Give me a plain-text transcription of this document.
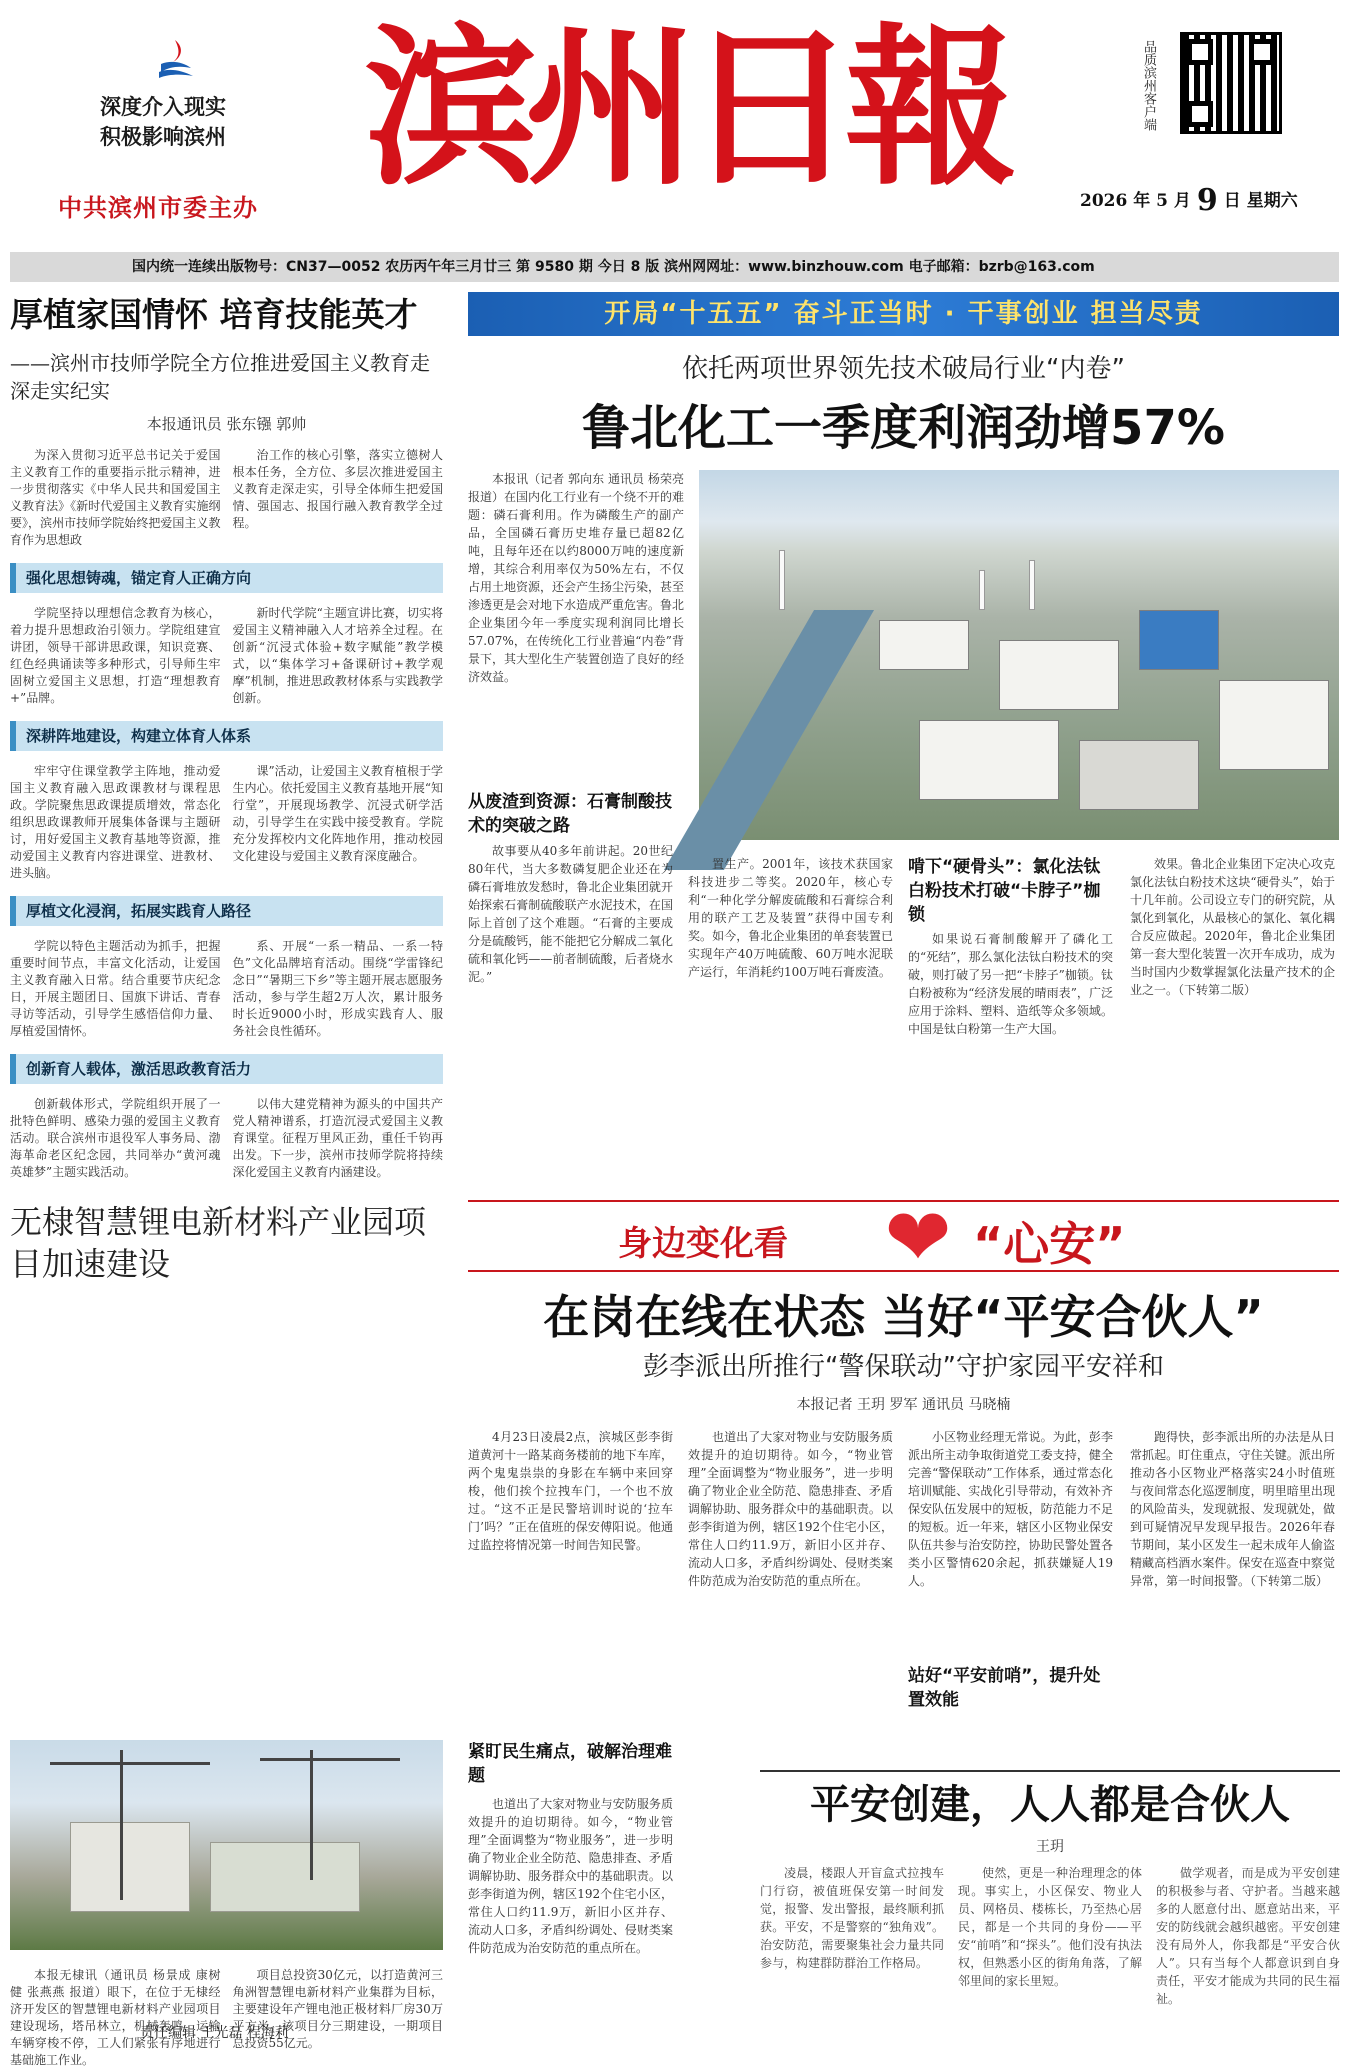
深度介入现实
积极影响滨州
中共滨州市委主办 滨州日報	品质滨州客户端
2026 年 5 月 9 日 星期六
国内统一连续出版物号：CN37—0052 农历丙午年三月廿三 第 9580 期 今日 8 版 滨州网网址：www.binzhouw.com 电子邮箱：bzrb@163.com
厚植家国情怀 培育技能英才
——滨州市技师学院全方位推进爱国主义教育走深走实纪实
本报通讯员 张东镪 郭帅

为深入贯彻习近平总书记关于爱国主义教育工作的重要指示批示精神，进一步贯彻落实《中华人民共和国爱国主义教育法》《新时代爱国主义教育实施纲要》，滨州市技师学院始终把爱国主义教育作为思想政

治工作的核心引擎，落实立德树人根本任务，全方位、多层次推进爱国主义教育走深走实，引导全体师生把爱国情、强国志、报国行融入教育教学全过程。

强化思想铸魂，锚定育人正确方向

学院坚持以理想信念教育为核心，着力提升思想政治引领力。学院组建宣讲团，领导干部讲思政课，知识竞赛、红色经典诵读等多种形式，引导师生牢固树立爱国主义思想，打造“理想教育+”品牌。

新时代学院“主题宣讲比赛，切实将爱国主义精神融入人才培养全过程。在创新“沉浸式体验+数字赋能”教学模式，以“集体学习+备课研讨+教学观摩”机制，推进思政教材体系与实践教学创新。

深耕阵地建设，构建立体育人体系

牢牢守住课堂教学主阵地，推动爱国主义教育融入思政课教材与课程思政。学院聚焦思政课提质增效，常态化组织思政课教师开展集体备课与主题研讨，用好爱国主义教育基地等资源，推动爱国主义教育内容进课堂、进教材、进头脑。

课”活动，让爱国主义教育植根于学生内心。依托爱国主义教育基地开展“知行堂”，开展现场教学、沉浸式研学活动，引导学生在实践中接受教育。学院充分发挥校内文化阵地作用，推动校园文化建设与爱国主义教育深度融合。

厚植文化浸润，拓展实践育人路径

学院以特色主题活动为抓手，把握重要时间节点，丰富文化活动，让爱国主义教育融入日常。结合重要节庆纪念日，开展主题团日、国旗下讲话、青春寻访等活动，引导学生感悟信仰力量、厚植爱国情怀。

系、开展“一系一精品、一系一特色”文化品牌培育活动。围绕“学雷锋纪念日”“暑期三下乡”等主题开展志愿服务活动，参与学生超2万人次，累计服务时长近9000小时，形成实践育人、服务社会良性循环。

创新育人载体，激活思政教育活力

创新载体形式，学院组织开展了一批特色鲜明、感染力强的爱国主义教育活动。联合滨州市退役军人事务局、渤海革命老区纪念园，共同举办“黄河魂 英雄梦”主题实践活动。

以伟大建党精神为源头的中国共产党人精神谱系，打造沉浸式爱国主义教育课堂。征程万里风正劲，重任千钧再出发。下一步，滨州市技师学院将持续深化爱国主义教育内涵建设。

无棣智慧锂电新材料产业园项目加速建设

本报无棣讯（通讯员 杨景成 康树健 张燕燕 报道）眼下，在位于无棣经济开发区的智慧锂电新材料产业园项目建设现场，塔吊林立，机械轰鸣，运输车辆穿梭不停，工人们紧张有序地进行基础施工作业。

项目总投资30亿元，以打造黄河三角洲智慧锂电新材料产业集群为目标，主要建设年产锂电池正极材料厂房30万平方米。该项目分三期建设，一期项目总投资55亿元。

责任编辑 王光磊 程海莉
开局“十五五” 奋斗正当时 · 干事创业 担当尽责
依托两项世界领先技术破局行业“内卷”
鲁北化工一季度利润劲增57%
本报讯（记者 郭向东 通讯员 杨荣亮 报道）在国内化工行业有一个绕不开的难题：磷石膏利用。作为磷酸生产的副产品，全国磷石膏历史堆存量已超82亿吨，且每年还在以约8000万吨的速度新增，其综合利用率仅为50%左右，不仅占用土地资源，还会产生扬尘污染，甚至渗透更是会对地下水造成严重危害。鲁北企业集团今年一季度实现利润同比增长57.07%，在传统化工行业普遍“内卷”背景下，其大型化生产装置创造了良好的经济效益。
从废渣到资源：石膏制酸技术的突破之路
故事要从40多年前讲起。20世纪80年代，当大多数磷复肥企业还在为磷石膏堆放发愁时，鲁北企业集团就开始探索石膏制硫酸联产水泥技术，在国际上首创了这个难题。“石膏的主要成分是硫酸钙，能不能把它分解成二氧化硫和氧化钙——前者制硫酸，后者烧水泥。”
置生产。2001年，该技术获国家科技进步二等奖。2020年，核心专利“一种化学分解废硫酸和石膏综合利用的联产工艺及装置”获得中国专利奖。如今，鲁北企业集团的单套装置已实现年产40万吨硫酸、60万吨水泥联产运行，年消耗约100万吨石膏废渣。
啃下“硬骨头”：氯化法钛白粉技术打破“卡脖子”枷锁
如果说石膏制酸解开了磷化工的“死结”，那么氯化法钛白粉技术的突破，则打破了另一把“卡脖子”枷锁。钛白粉被称为“经济发展的晴雨表”，广泛应用于涂料、塑料、造纸等众多领域。中国是钛白粉第一生产大国。
效果。鲁北企业集团下定决心攻克氯化法钛白粉技术这块“硬骨头”，始于十几年前。公司设立专门的研究院，从氯化到氧化，从最核心的氯化、氧化耦合反应做起。2020年，鲁北企业集团第一套大型化装置一次开车成功，成为当时国内少数掌握氯化法量产技术的企业之一。（下转第二版）
身边变化看 ❤ “心安”
在岗在线在状态 当好“平安合伙人”
彭李派出所推行“警保联动”守护家园平安祥和
本报记者 王玥 罗军 通讯员 马晓楠
4月23日凌晨2点，滨城区彭李街道黄河十一路某商务楼前的地下车库，两个鬼鬼祟祟的身影在车辆中来回穿梭，他们挨个拉拽车门，一个也不放过。“这不正是民警培训时说的‘拉车门’吗？”正在值班的保安傅阳说。他通过监控将情况第一时间告知民警。
紧盯民生痛点，破解治理难题
也道出了大家对物业与安防服务质效提升的迫切期待。如今，“物业管理”全面调整为“物业服务”，进一步明确了物业企业全防范、隐患排查、矛盾调解协助、服务群众中的基础职责。以彭李街道为例，辖区192个住宅小区，常住人口约11.9万，新旧小区并存、流动人口多，矛盾纠纷调处、侵财类案件防范成为治安防范的重点所在。
也道出了大家对物业与安防服务质效提升的迫切期待。如今，“物业管理”全面调整为“物业服务”，进一步明确了物业企业全防范、隐患排查、矛盾调解协助、服务群众中的基础职责。以彭李街道为例，辖区192个住宅小区，常住人口约11.9万，新旧小区并存、流动人口多，矛盾纠纷调处、侵财类案件防范成为治安防范的重点所在。
小区物业经理无常说。为此，彭李派出所主动争取街道党工委支持，健全完善“警保联动”工作体系，通过常态化培训赋能、实战化引导带动，有效补齐保安队伍发展中的短板，防范能力不足的短板。近一年来，辖区小区物业保安队伍共参与治安防控，协助民警处置各类小区警情620余起，抓获嫌疑人19人。
站好“平安前哨”，提升处置效能
跑得快，彭李派出所的办法是从日常抓起。盯住重点，守住关键。派出所推动各小区物业严格落实24小时值班与夜间常态化巡逻制度，明里暗里出现的风险苗头，发现就报、发现就处，做到可疑情况早发现早报告。2026年春节期间，某小区发生一起未成年人偷盗精藏高档酒水案件。保安在巡查中察觉异常，第一时间报警。（下转第二版）
平安创建，人人都是合伙人
王玥

凌晨，楼跟人开盲盒式拉拽车门行窃，被值班保安第一时间发觉，报警、发出警报，最终顺利抓获。平安，不是警察的“独角戏”。治安防范，需要聚集社会力量共同参与，构建群防群治工作格局。

使然，更是一种治理理念的体现。事实上，小区保安、物业人员、网格员、楼栋长，乃至热心居民，都是一个共同的身份——平安“前哨”和“探头”。他们没有执法权，但熟悉小区的街角角落，了解邻里间的家长里短。

做学观者，而是成为平安创建的积极参与者、守护者。当越来越多的人愿意付出、愿意站出来，平安的防线就会越织越密。平安创建没有局外人，你我都是“平安合伙人”。只有当每个人都意识到自身责任，平安才能成为共同的民生福祉。
